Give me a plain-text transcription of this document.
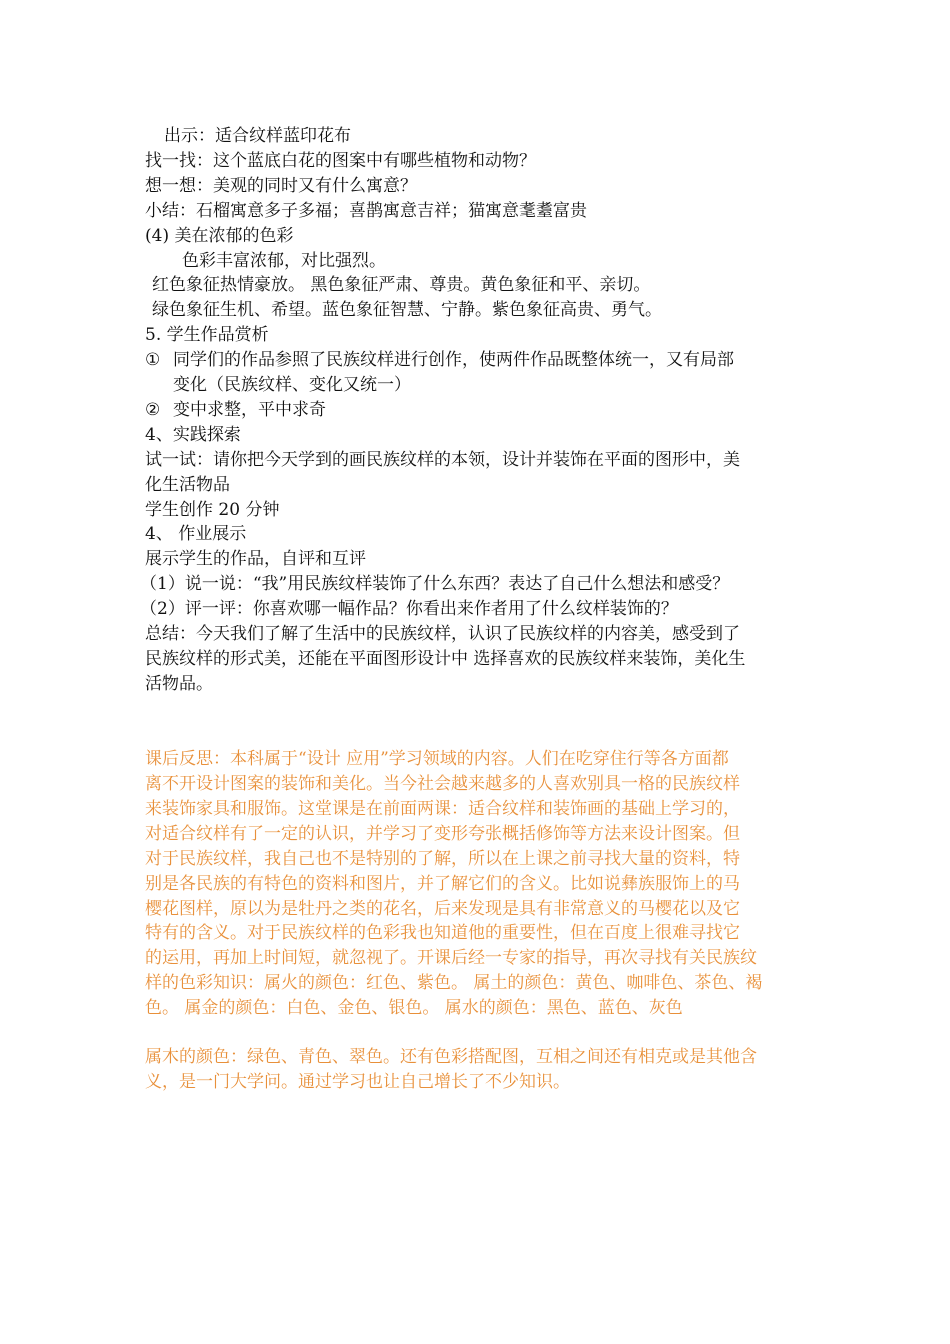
出示：适合纹样蓝印花布
找一找：这个蓝底白花的图案中有哪些植物和动物？
想一想：美观的同时又有什么寓意？
小结：石榴寓意多子多福；喜鹊寓意吉祥；猫寓意耄耋富贵
(4) 美在浓郁的色彩
色彩丰富浓郁，对比强烈。
红色象征热情豪放。 黑色象征严肃、尊贵。黄色象征和平、亲切。
绿色象征生机、希望。蓝色象征智慧、宁静。紫色象征高贵、勇气。
5. 学生作品赏析
① 同学们的作品参照了民族纹样进行创作，使两件作品既整体统一，又有局部
变化（民族纹样、变化又统一）
② 变中求整，平中求奇
4、实践探索
试一试：请你把今天学到的画民族纹样的本领，设计并装饰在平面的图形中，美
化生活物品
学生创作 20 分钟
4、 作业展示
展示学生的作品，自评和互评
（1）说一说：“我”用民族纹样装饰了什么东西？表达了自己什么想法和感受？
（2）评一评：你喜欢哪一幅作品？你看出来作者用了什么纹样装饰的？
总结：今天我们了解了生活中的民族纹样，认识了民族纹样的内容美，感受到了
民族纹样的形式美，还能在平面图形设计中 选择喜欢的民族纹样来装饰，美化生
活物品。
课后反思：本科属于“设计 应用”学习领域的内容。人们在吃穿住行等各方面都
离不开设计图案的装饰和美化。当今社会越来越多的人喜欢别具一格的民族纹样
来装饰家具和服饰。这堂课是在前面两课：适合纹样和装饰画的基础上学习的，
对适合纹样有了一定的认识，并学习了变形夸张概括修饰等方法来设计图案。但
对于民族纹样，我自己也不是特别的了解，所以在上课之前寻找大量的资料，特
别是各民族的有特色的资料和图片，并了解它们的含义。比如说彝族服饰上的马
樱花图样，原以为是牡丹之类的花名，后来发现是具有非常意义的马樱花以及它
特有的含义。对于民族纹样的色彩我也知道他的重要性，但在百度上很难寻找它
的运用，再加上时间短，就忽视了。开课后经一专家的指导，再次寻找有关民族纹
样的色彩知识：属火的颜色：红色、紫色。 属土的颜色：黄色、咖啡色、茶色、褐
色。 属金的颜色：白色、金色、银色。 属水的颜色：黑色、蓝色、灰色
属木的颜色：绿色、青色、翠色。还有色彩搭配图，互相之间还有相克或是其他含
义，是一门大学问。通过学习也让自己增长了不少知识。
